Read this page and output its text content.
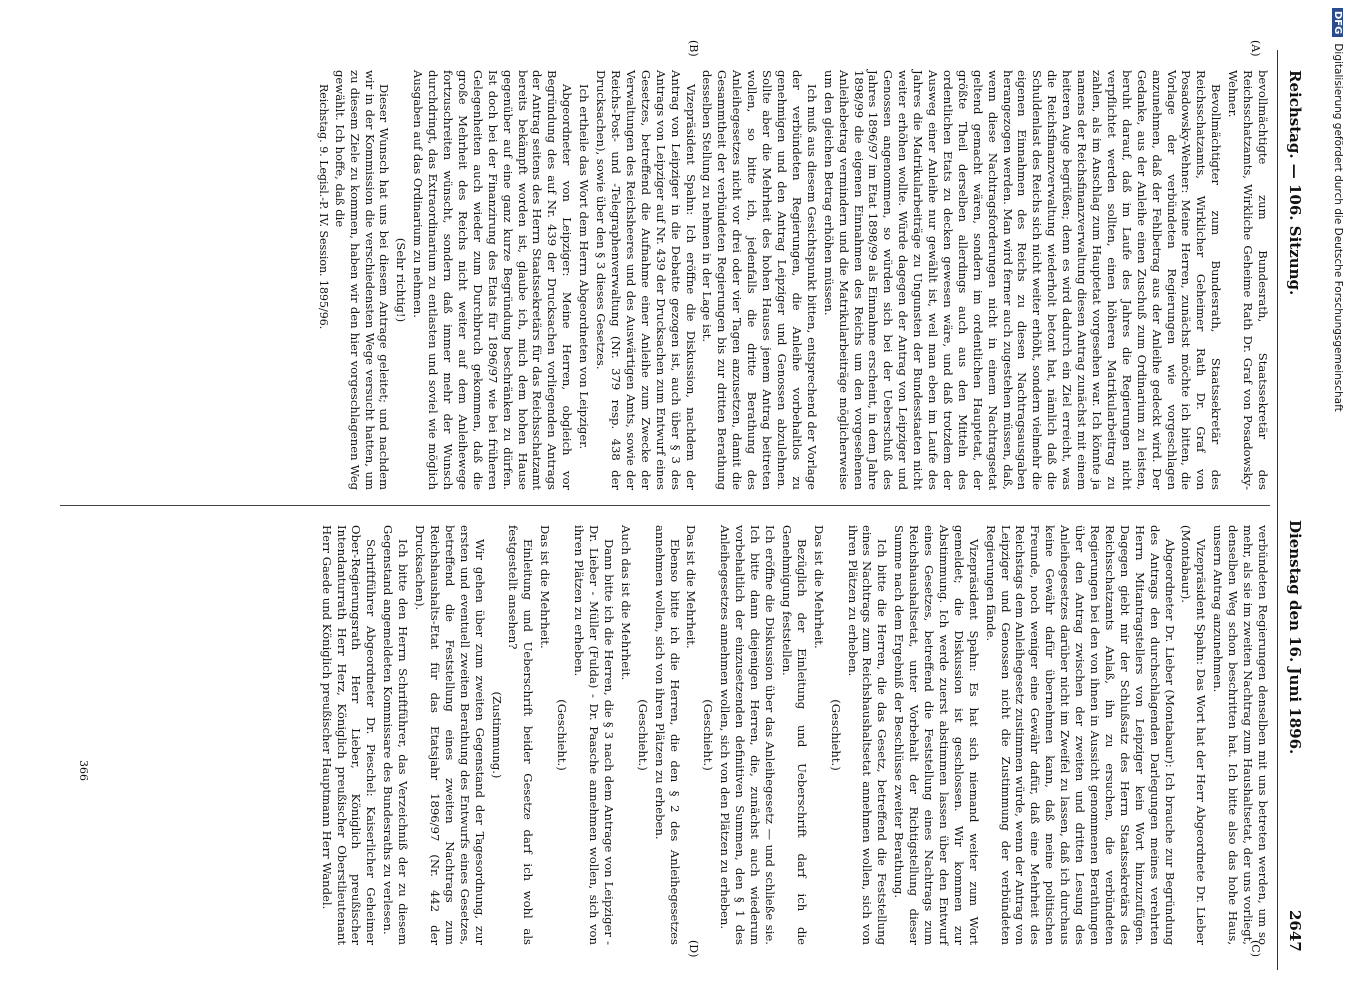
Reichstag. — 106. Sitzung.
Dienstag den 16. Juni 1896.
2647
(A)
(B)
(C)
(D)

bevollmächtigte zum Bundesrath, Staatssekretär des Reichsschatzamts, Wirkliche Geheime Rath Dr. Graf von Posadowsky-Wehner.

Bevollmächtigter zum Bundesrath, Staatssekretär des Reichsschatzamts, Wirklicher Geheimer Rath Dr. Graf von Posadowsky-Wehner: Meine Herren, zunächst möchte ich bitten, die Vorlage der verbündeten Regierungen wie vorgeschlagen anzunehmen, daß der Fehlbetrag aus der Anleihe gedeckt wird. Der Gedanke, aus der Anleihe einen Zuschuß zum Ordinarium zu leisten, beruht darauf, daß im Laufe des Jahres die Regierungen nicht verpflichtet werden sollten, einen höheren Matrikularbeitrag zu zahlen, als im Anschlag zum Hauptetat vorgesehen war. Ich könnte ja namens der Reichsfinanzverwaltung diesen Antrag zunächst mit einem heiteren Auge begrüßen; denn es wird dadurch ein Ziel erreicht, was die Reichsfinanzverwaltung wiederholt betont hat, nämlich daß die Schuldenlast des Reichs sich nicht weiter erhöht, sondern vielmehr die eigenen Einnahmen des Reichs zu diesen Nachtragsausgaben herangezogen werden. Man wird ferner auch zugestehen müssen, daß, wenn diese Nachtragsforderungen nicht in einem Nachtragsetat geltend gemacht wären, sondern im ordentlichen Hauptetat, der größte Theil derselben allerdings auch aus den Mitteln des ordentlichen Etats zu decken gewesen wäre, und daß trotzdem der Ausweg einer Anleihe nur gewählt ist, weil man eben im Laufe des Jahres die Matrikularbeiträge zu Ungunsten der Bundesstaaten nicht weiter erhöhen wollte. Würde dagegen der Antrag von Leipziger und Genossen angenommen, so würden sich bei der Ueberschuß des Jahres 1896/97 im Etat 1898/99 als Einnahme erscheint, in dem Jahre 1898/99 die eigenen Einnahmen des Reichs um den vorgesehenen Anleihebetrag vermindern und die Matrikularbeiträge möglicherweise um den gleichen Betrag erhöhen müssen.

Ich muß aus diesem Gesichtspunkt bitten, entsprechend der Vorlage der verbündeten Regierungen, die Anleihe vorbehaltlos zu genehmigen und den Antrag Leipziger und Genossen abzulehnen. Sollte aber die Mehrheit des hohen Hauses jenem Antrag beitreten wollen, so bitte ich, jedenfalls die dritte Berathung des Anleihegesetzes nicht vor drei oder vier Tagen anzusetzen, damit die Gesammtheit der verbündeten Regierungen bis zur dritten Berathung desselben Stellung zu nehmen in der Lage ist.

Vizepräsident Spahn: Ich eröffne die Diskussion, nachdem der Antrag von Leipziger in die Debatte gezogen ist, auch über § 3 des Antrags von Leipziger auf Nr. 439 der Drucksachen zum Entwurf eines Gesetzes, betreffend die Aufnahme einer Anleihe zum Zwecke der Verwaltungen des Reichsheeres und des Auswärtigen Amts, sowie der Reichs-Post- und -Telegraphenverwaltung (Nr. 379 resp. 438 der Drucksachen), sowie über den § 3 dieses Gesetzes.

Ich ertheile das Wort dem Herrn Abgeordneten von Leipziger.

Abgeordneter von Leipziger: Meine Herren, obgleich vor Begründung des auf Nr. 439 der Drucksachen vorliegenden Antrags der Antrag seitens des Herrn Staatssekretärs für das Reichsschatzamt bereits bekämpft worden ist, glaube ich, mich dem hohen Hause gegenüber auf eine ganz kurze Begründung beschränken zu dürfen. Ist doch bei der Finanzirung des Etats für 1896/97 wie bei früheren Gelegenheiten auch wieder zum Durchbruch gekommen, daß die große Mehrheit des Reichs nicht weiter auf dem Anleihewege fortzuschreiten wünscht, sondern daß immer mehr der Wunsch durchdringt, das Extraordinarium zu entlasten und soviel wie möglich Ausgaben auf das Ordinarium zu nehmen.

(Sehr richtig!)

Dieser Wunsch hat uns bei diesem Antrage geleitet; und nachdem wir in der Kommission die verschiedensten Wege versucht hatten, um zu diesem Ziele zu kommen, haben wir den hier vorgeschlagenen Weg gewählt. Ich hoffe, daß die

Reichstag. 9. Legisl.-P. IV. Session. 1895/96.

verbündeten Regierungen denselben mit uns betreten werden, um so mehr, als sie im zweiten Nachtrag zum Haushaltsetat, der uns vorliegt, denselben Weg schon beschritten hat. Ich bitte also das hohe Haus, unsern Antrag anzunehmen.

Vizepräsident Spahn: Das Wort hat der Herr Abgeordnete Dr. Lieber (Montabaur).

Abgeordneter Dr. Lieber (Montabaur): Ich brauche zur Begründung des Antrags den durchschlagenden Darlegungen meines verehrten Herrn Mitantragstellers von Leipziger kein Wort hinzuzufügen. Dagegen giebt mir der Schlußsatz des Herrn Staatssekretärs des Reichsschatzamts Anlaß, ihn zu ersuchen, die verbündeten Regierungen bei den von ihnen in Aussicht genommenen Berathungen über den Antrag zwischen der zweiten und dritten Lesung des Anleihegesetzes darüber nicht im Zweifel zu lassen, daß ich durchaus keine Gewähr dafür übernehmen kann, daß meine politischen Freunde, noch weniger eine Gewähr dafür, daß eine Mehrheit des Reichstags dem Anleihegesetz zustimmen würde, wenn der Antrag von Leipziger und Genossen nicht die Zustimmung der verbündeten Regierungen fände.

Vizepräsident Spahn: Es hat sich niemand weiter zum Wort gemeldet; die Diskussion ist geschlossen. Wir kommen zur Abstimmung. Ich werde zuerst abstimmen lassen über den Entwurf eines Gesetzes, betreffend die Feststellung eines Nachtrags zum Reichshaushaltsetat, unter Vorbehalt der Richtigstellung dieser Summe nach dem Ergebniß der Beschlüsse zweiter Berathung.

Ich bitte die Herren, die das Gesetz, betreffend die Feststellung eines Nachtrags zum Reichshaushaltsetat annehmen wollen, sich von ihren Plätzen zu erheben.

(Geschieht.)

Das ist die Mehrheit.

Bezüglich der Einleitung und Ueberschrift darf ich die Genehmigung feststellen.

Ich eröffne die Diskussion über das Anleihegesetz — und schließe sie. Ich bitte dann diejenigen Herren, die, zunächst auch wiederum vorbehaltlich der einzusetzenden definitiven Summen, den § 1 des Anleihegesetzes annehmen wollen, sich von den Plätzen zu erheben.

(Geschieht.)

Das ist die Mehrheit.

Ebenso bitte ich die Herren, die den § 2 des Anleihegesetzes annehmen wollen, sich von ihren Plätzen zu erheben.

(Geschieht.)

Auch das ist die Mehrheit.

Dann bitte ich die Herren, die § 3 nach dem Antrage von Leipziger - Dr. Lieber - Müller (Fulda) - Dr. Paasche annehmen wollen, sich von ihren Plätzen zu erheben.

(Geschieht.)

Das ist die Mehrheit.

Einleitung und Ueberschrift beider Gesetze darf ich wohl als festgestellt ansehen?

(Zustimmung.)

Wir gehen über zum zweiten Gegenstand der Tagesordnung, zur ersten und eventuell zweiten Berathung des Entwurfs eines Gesetzes, betreffend die Feststellung eines zweiten Nachtrags zum Reichshaushalts-Etat für das Etatsjahr 1896/97 (Nr. 442 der Drucksachen).

Ich bitte den Herrn Schriftführer, das Verzeichniß der zu diesem Gegenstand angemeldeten Kommissare des Bundesraths zu verlesen.

Schriftführer Abgeordneter Dr. Pieschel: Kaiserlicher Geheimer Ober-Regierungsrath Herr Lieber, Königlich preußischer Intendanturrath Herr Herz, Königlich preußischer Oberstlieutenant Herr Gaede und Königlich preußischer Hauptmann Herr Wandel.

366
DFGDigitalisierung gefördert durch die Deutsche Forschungsgemeinschaft
